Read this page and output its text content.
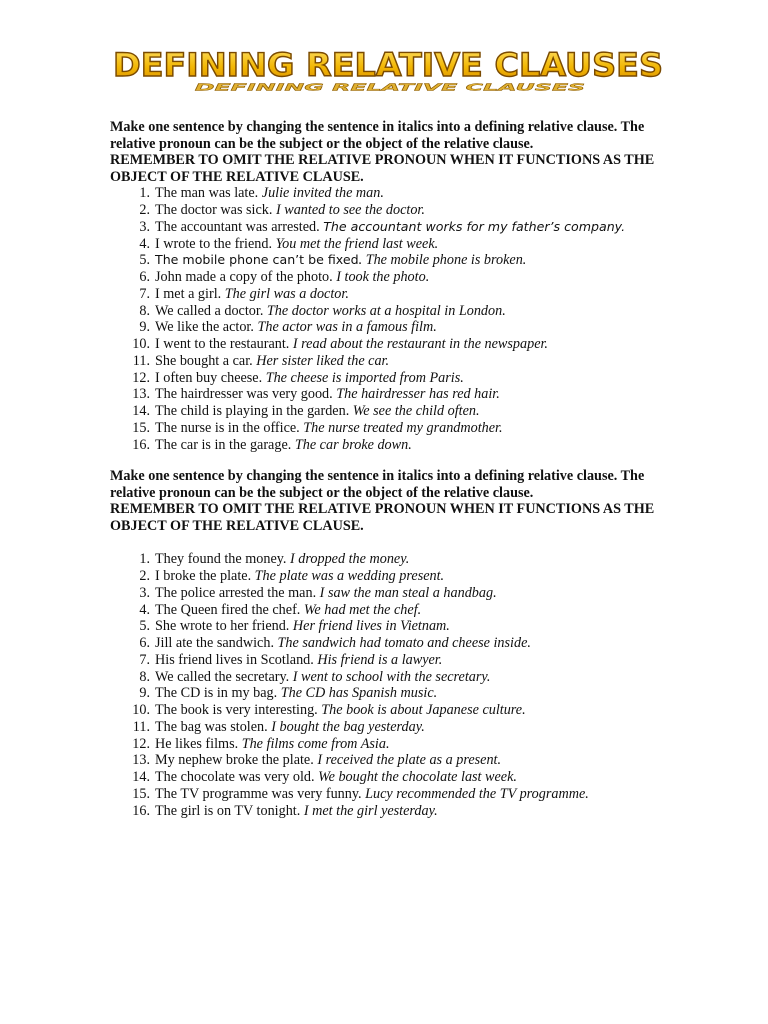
DEFINING RELATIVE CLAUSES
DEFINING RELATIVE CLAUSES

Make one sentence by changing the sentence in italics into a defining relative clause. The relative pronoun can be the subject or the object of the relative clause.
REMEMBER TO OMIT THE RELATIVE PRONOUN WHEN IT FUNCTIONS AS THE OBJECT OF THE RELATIVE CLAUSE.

1. The man was late. Julie invited the man.
2. The doctor was sick. I wanted to see the doctor.
3. The accountant was arrested. The accountant works for my father’s company.
4. I wrote to the friend. You met the friend last week.
5. The mobile phone can’t be fixed. The mobile phone is broken.
6. John made a copy of the photo. I took the photo.
7. I met a girl. The girl was a doctor.
8. We called a doctor. The doctor works at a hospital in London.
9. We like the actor. The actor was in a famous film.
10. I went to the restaurant. I read about the restaurant in the newspaper.
11. She bought a car. Her sister liked the car.
12. I often buy cheese. The cheese is imported from Paris.
13. The hairdresser was very good. The hairdresser has red hair.
14. The child is playing in the garden. We see the child often.
15. The nurse is in the office. The nurse treated my grandmother.
16. The car is in the garage. The car broke down.

Make one sentence by changing the sentence in italics into a defining relative clause. The relative pronoun can be the subject or the object of the relative clause.
REMEMBER TO OMIT THE RELATIVE PRONOUN WHEN IT FUNCTIONS AS THE OBJECT OF THE RELATIVE CLAUSE.

1. They found the money. I dropped the money.
2. I broke the plate. The plate was a wedding present.
3. The police arrested the man. I saw the man steal a handbag.
4. The Queen fired the chef. We had met the chef.
5. She wrote to her friend. Her friend lives in Vietnam.
6. Jill ate the sandwich. The sandwich had tomato and cheese inside.
7. His friend lives in Scotland. His friend is a lawyer.
8. We called the secretary. I went to school with the secretary.
9. The CD is in my bag. The CD has Spanish music.
10. The book is very interesting. The book is about Japanese culture.
11. The bag was stolen. I bought the bag yesterday.
12. He likes films. The films come from Asia.
13. My nephew broke the plate. I received the plate as a present.
14. The chocolate was very old. We bought the chocolate last week.
15. The TV programme was very funny. Lucy recommended the TV programme.
16. The girl is on TV tonight. I met the girl yesterday.
